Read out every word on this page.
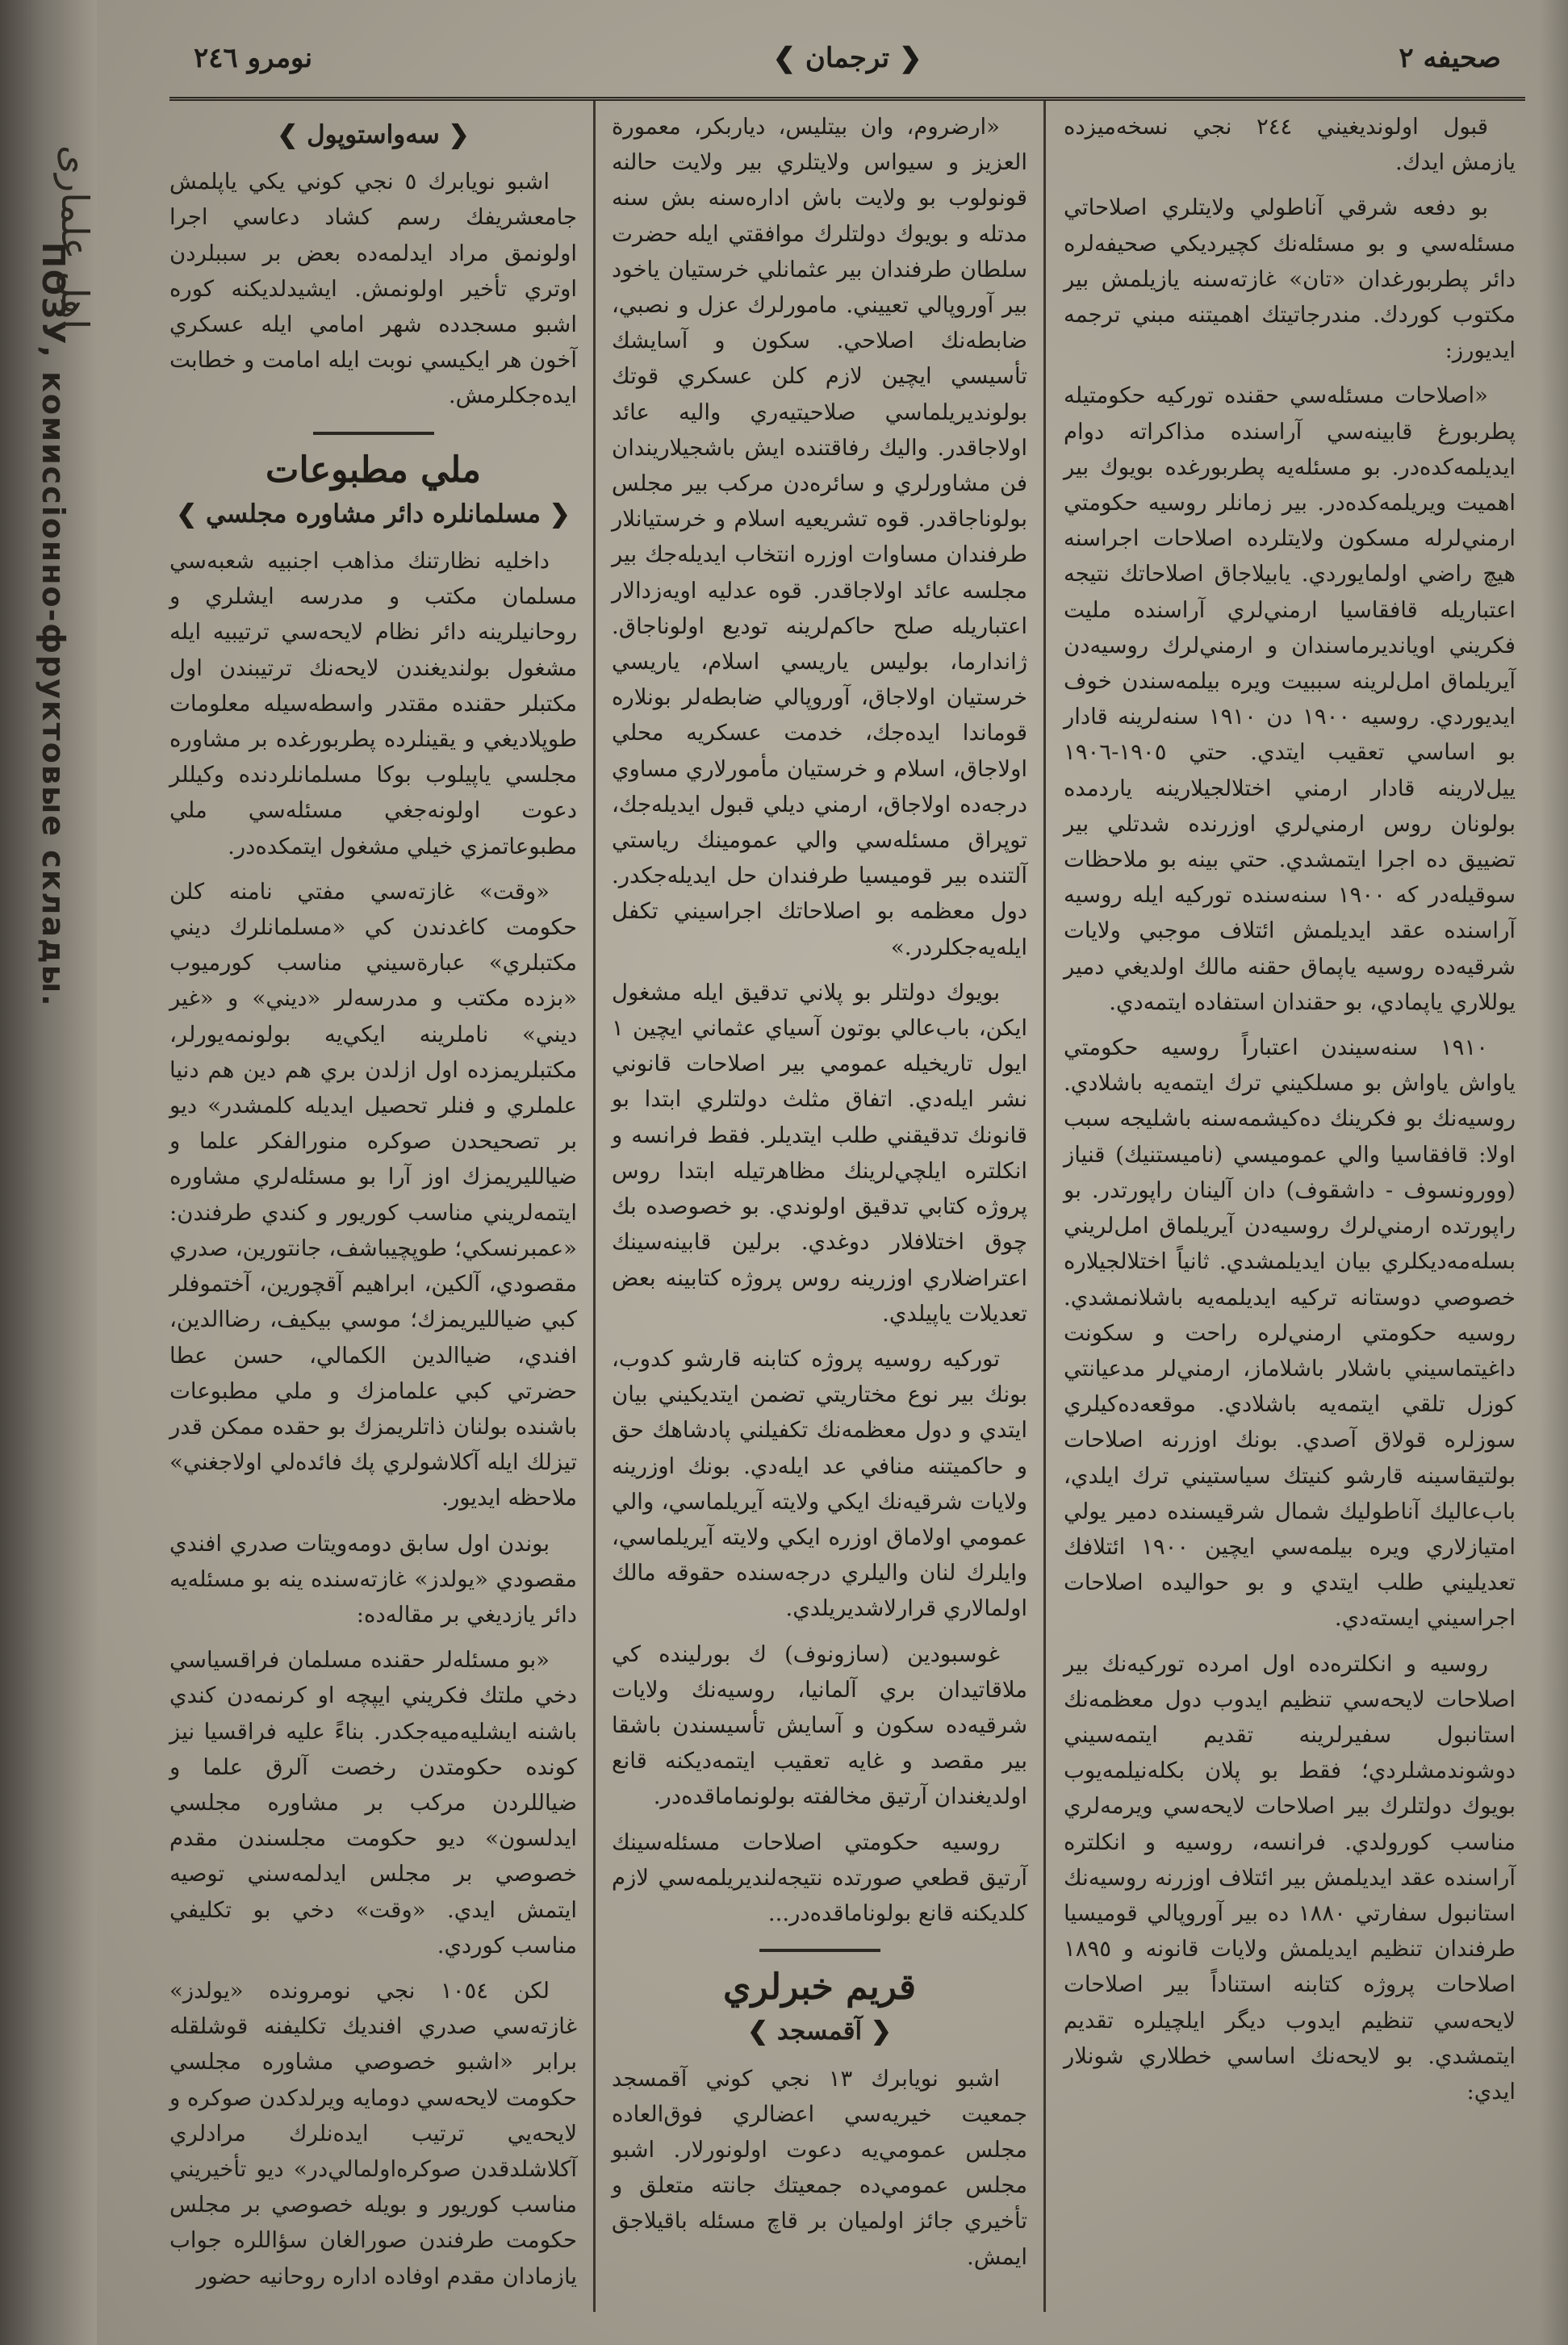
ПОЗУ, комиссіонно-фруктовые склады.
اهل علماری
نومرو ٢٤٦	❮ ترجمان ❯	صحيفه ٢

قبول اولونديغيني ٢٤٤ نجي نسخه‌ميزده يازمش ايدك.

بو دفعه شرقي آناطولي ولايتلري اصلاحاتي مسئله‌سي و بو مسئله‌نك كچيرديكي صحيفه‌لره دائر پطربورغدان «تان» غازته‌سنه يازيلمش بير مكتوب كوردك. مندرجاتيتك اهميتنه مبني ترجمه ايديورز:

«اصلاحات مسئله‌سي حقنده توركيه حكومتيله پطربورغ قابينه‌سي آراسنده مذاكراته دوام ايديلمه‌كده‌در. بو مسئله‌يه پطربورغده بويوك بير اهميت ويريلمه‌كده‌در. بير زمانلر روسيه حكومتي ارمني‌لرله مسكون ولايتلرده اصلاحات اجراسنه هيچ راضي اولمايوردي. يابيلاجاق اصلاحاتك نتيجه اعتباريله قافقاسيا ارمني‌لري آراسنده مليت فكريني اويانديرماسندان و ارمني‌لرك روسيه‌دن آيريلماق امل‌لرينه سببيت ويره بيلمه‌سندن خوف ايديوردي. روسيه ١٩٠٠ دن ١٩١٠ سنه‌لرينه قادار بو اساسي تعقيب ايتدي. حتي ١٩٠٥-١٩٠٦ ييل‌لارينه قادار ارمني اختلالجيلارينه ياردمده بولونان روس ارمني‌لري اوزرنده شدتلي بير تضييق ده اجرا ايتمشدي. حتي بينه بو ملاحظات سوقيله‌در كه ١٩٠٠ سنه‌سنده توركيه ايله روسيه آراسنده عقد ايديلمش ائتلاف موجبي ولايات شرقيه‌ده روسيه ياپماق حقنه مالك اولديغي دمير يوللاري ياپمادي، بو حقندان استفاده ايتمه‌دي.

١٩١٠ سنه‌سيندن اعتباراً روسيه حكومتي ياواش ياواش بو مسلكيني ترك ايتمه‌يه باشلادي. روسيه‌نك بو فكرينك ده‌كيشمه‌سنه باشليجه سبب اولا: قافقاسيا والي عموميسي (ناميستنيك) قنياز (وورونسوف - داشقوف) دان آلينان راپورتدر. بو راپورتده ارمني‌لرك روسيه‌دن آيريلماق امل‌لريني بسله‌مه‌ديكلري بيان ايديلمشدي. ثانياً اختلالجيلاره خصوصي دوستانه تركيه ايديلمه‌يه باشلانمشدي. روسيه حكومتي ارمني‌لره راحت و سكونت داغيتماسيني باشلار باشلاماز، ارمني‌لر مدعيانتي كوزل تلقي ايتمه‌يه باشلادي. موقعه‌ده‌كيلري سوزلره قولاق آصدي. بونك اوزرنه اصلاحات بولتيقاسينه قارشو كنيتك سياستيني ترك ايلدي، باب‌عاليك آناطوليك شمال شرقيسنده دمير يولي امتيازلاري ويره بيلمه‌سي ايچين ١٩٠٠ ائتلافك تعديليني طلب ايتدي و بو حواليده اصلاحات اجراسيني ايسته‌دي.

روسيه و انكلتره‌ده اول امرده توركيه‌نك بير اصلاحات لايحه‌سي تنظيم ايدوب دول معظمه‌نك استانبول سفيرلرينه تقديم ايتمه‌سيني دوشوندمشلردي؛ فقط بو پلان بكله‌نيلمه‌يوب بويوك دولتلرك بير اصلاحات لايحه‌سي ويرمه‌لري مناسب كورولدي. فرانسه، روسيه و انكلتره آراسنده عقد ايديلمش بير ائتلاف اوزرنه روسيه‌نك استانبول سفارتي ١٨٨٠ ده بير آوروپالي قوميسيا طرفندان تنظيم ايديلمش ولايات قانونه و ١٨٩٥ اصلاحات پروژه كتابنه استناداً بير اصلاحات لايحه‌سي تنظيم ايدوب ديگر ايلچيلره تقديم ايتمشدي. بو لايحه‌نك اساسي خطلاري شونلار ايدي:

«ارضروم، وان بيتليس، دياربكر، معمورة العزيز و سيواس ولايتلري بير ولايت حالنه قونولوب بو ولايت باش اداره‌سنه بش سنه مدتله و بويوك دولتلرك موافقتي ايله حضرت سلطان طرفندان بير عثمانلي خرستيان ياخود بير آوروپالي تعييني. مامورلرك عزل و نصبي، ضابطه‌نك اصلاحي. سكون و آسايشك تأسيسي ايچين لازم كلن عسكري قوتك بولونديريلماسي صلاحيتيه‌ري واليه عائد اولاجاقدر. واليك رفاقتنده ايش باشجيلاريندان فن مشاورلري و سائره‌دن مركب بير مجلس بولوناجاقدر. قوه تشريعيه اسلام و خرستيانلار طرفندان مساوات اوزره انتخاب ايديله‌جك بير مجلسه عائد اولاجاقدر. قوه عدليه اويه‌زدالار اعتباريله صلح حاكم‌لرينه توديع اولوناجاق. ژاندارما، بوليس ياريسي اسلام، ياريسي خرستيان اولاجاق، آوروپالي ضابطه‌لر بونلاره قوماندا ايده‌جك، خدمت عسكريه محلي اولاجاق، اسلام و خرستيان مأمورلاري مساوي درجه‌ده اولاجاق، ارمني ديلي قبول ايديله‌جك، توپراق مسئله‌سي والي عمومينك رياستي آلتنده بير قوميسيا طرفندان حل ايديله‌جكدر. دول معظمه بو اصلاحاتك اجراسيني تكفل ايله‌يه‌جكلردر.»

بويوك دولتلر بو پلاني تدقيق ايله مشغول ايكن، باب‌عالي بوتون آسياي عثماني ايچين ١ ايول تاريخيله عمومي بير اصلاحات قانوني نشر ايله‌دي. اتفاق مثلث دولتلري ابتدا بو قانونك تدقيقني طلب ايتديلر. فقط فرانسه و انكلتره ايلچي‌لرينك مظاهرتيله ابتدا روس پروژه كتابي تدقيق اولوندي. بو خصوصده بك چوق اختلافلار دوغدي. برلين قابينه‌سينك اعتراضلاري اوزرينه روس پروژه كتابينه بعض تعديلات ياپيلدي.

توركيه روسيه پروژه كتابنه قارشو كدوب، بونك بير نوع مختاريتي تضمن ايتديكيني بيان ايتدي و دول معظمه‌نك تكفيلني پادشاهك حق و حاكميتنه منافي عد ايله‌دي. بونك اوزرينه ولايات شرقيه‌نك ايكي ولايته آيريلماسي، والي عمومي اولاماق اوزره ايكي ولايته آيريلماسي، وايلرك لنان واليلري درجه‌سنده حقوقه مالك اولمالاري قرارلاشديريلدي.

غوسبودين (سازونوف) ك بورلينده كي ملاقاتيدان بري آلمانيا، روسيه‌نك ولايات شرقيه‌ده سكون و آسايش تأسيسندن باشقا بير مقصد و غايه تعقيب ايتمه‌ديكنه قانع اولديغندان آرتيق مخالفته بولونماماقده‌در.

روسيه حكومتي اصلاحات مسئله‌سينك آرتيق قطعي صورتده نتيجه‌لنديريلمه‌سي لازم كلديكنه قانع بولوناماقده‌در...

قريم خبرلري
❮ آقمسجد ❯

اشبو نويابرك ١٣ نجي كوني آقمسجد جمعيت خيريه‌سي اعضالري فوق‌العاده مجلس عمومي‌يه دعوت اولونورلار. اشبو مجلس عمومي‌ده جمعيتك جانته متعلق و تأخيري جائز اولميان بر قاچ مسئله باقيلاجق ايمش.

❮ سه‌واستوپول ❯

اشبو نويابرك ٥ نجي كوني يكي ياپلمش جامعشريفك رسم كشاد دعاسي اجرا اولونمق مراد ايدلمه‌ده بعض بر سببلردن اوتري تأخير اولونمش. ايشيدلديكنه كوره اشبو مسجدده شهر امامي ايله عسكري آخون هر ايكيسي نوبت ايله امامت و خطابت ايده‌جكلرمش.

ملي مطبوعات
❮ مسلمانلره دائر مشاوره مجلسي ❯

داخليه نظارتنك مذاهب اجنبيه شعبه‌سي مسلمان مكتب و مدرسه ايشلري و روحانيلرينه دائر نظام لايحه‌سي ترتيبيه ايله مشغول بولنديغندن لايحه‌نك ترتيبندن اول مكتبلر حقنده مقتدر واسطه‌سيله معلومات طوپلاديغي و يقينلرده پطربورغده بر مشاوره مجلسي ياپيلوب بوكا مسلمانلردنده وكيللر دعوت اولونه‌جغي مسئله‌سي ملي مطبوعاتمزي خيلي مشغول ايتمكده‌در.

«وقت» غازته‌سي مفتي نامنه كلن حكومت كاغدندن كي «مسلمانلرك ديني مكتبلري» عبارة‌سيني مناسب كورميوب «بزده مكتب و مدرسه‌لر «ديني» و «غير ديني» ناملرينه ايكي‌يه بولونمه‌يورلر، مكتبلريمزده اول ازلدن بري هم دين هم دنيا علملري و فنلر تحصيل ايديله كلمشدر» ديو بر تصحيحدن صوكره منورالفكر علما و ضيالليريمزك اوز آرا بو مسئله‌لري مشاوره ايتمه‌لريني مناسب كوريور و كندي طرفندن: «عمبرنسكي؛ طوپچيباشف، جانتورين، صدري مقصودي، آلكين، ابراهيم آقچورين، آختموفلر كبي ضيالليريمزك؛ موسي بيكيف، رضاالدين، افندي، ضياالدين الكمالي، حسن عطا حضرتي كبي علمامزك و ملي مطبوعات باشنده بولنان ذاتلريمزك بو حقده ممكن قدر تيزلك ايله آكلاشولري پك فائده‌لي اولاجغني» ملاحظه ايديور.

بوندن اول سابق دومه‌ويتات صدري افندي مقصودي «يولدز» غازته‌سنده ينه بو مسئله‌يه دائر يازديغي بر مقاله‌ده:

«بو مسئله‌لر حقنده مسلمان فراقسياسي دخي ملتك فكريني ايپچه او كرنمه‌دن كندي باشنه ايشليه‌ميه‌جكدر. بناءً عليه فراقسيا نيز كونده حكومتدن رخصت آلرق علما و ضياللردن مركب بر مشاوره مجلسي ايدلسون» ديو حكومت مجلسندن مقدم خصوصي بر مجلس ايدلمه‌سني توصيه ايتمش ايدي. «وقت» دخي بو تكليفي مناسب كوردي.

لكن ١٠٥٤ نجي نومرونده «يولدز» غازته‌سي صدري افنديك تكليفنه قوشلقله برابر «اشبو خصوصي مشاوره مجلسي حكومت لايحه‌سي دومايه ويرلدكدن صوكره و لايحه‌يي ترتيب ايده‌نلرك مرادلري آكلاشلدقدن صوكره‌اولمالي‌در» ديو تأخيريني مناسب كوريور و بويله خصوصي بر مجلس حكومت طرفندن صورالغان سؤاللره جواب يازمادان مقدم اوفاده اداره روحانيه حضور
